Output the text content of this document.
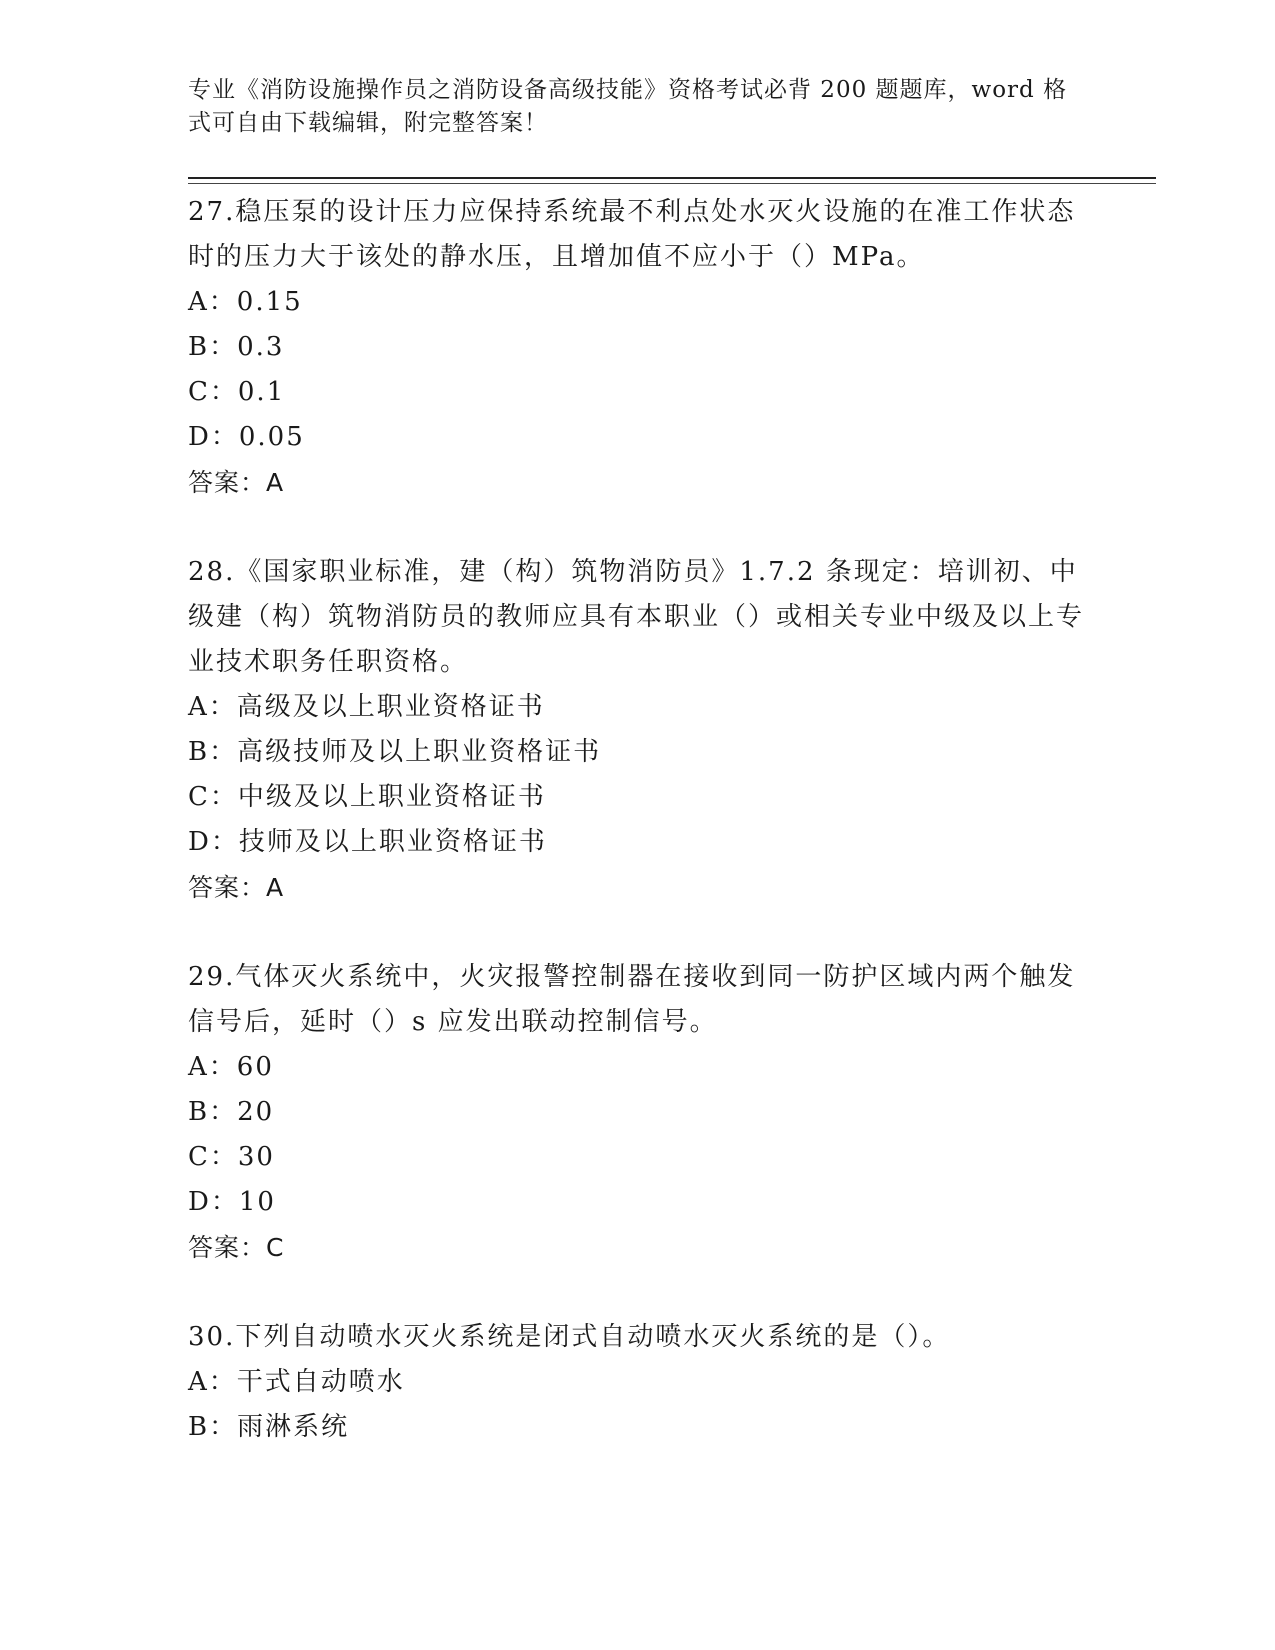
专业《消防设施操作员之消防设备高级技能》资格考试必背 200 题题库，word 格式可自由下载编辑，附完整答案！
27.稳压泵的设计压力应保持系统最不利点处水灭火设施的在准工作状态时的压力大于该处的静水压，且增加值不应小于（）MPa。
A：0.15
B：0.3
C：0.1
D：0.05
答案：A
28.《国家职业标准，建（构）筑物消防员》1.7.2 条现定：培训初、中级建（构）筑物消防员的教师应具有本职业（）或相关专业中级及以上专业技术职务任职资格。
A：高级及以上职业资格证书
B：高级技师及以上职业资格证书
C：中级及以上职业资格证书
D：技师及以上职业资格证书
答案：A
29.气体灭火系统中，火灾报警控制器在接收到同一防护区域内两个触发信号后，延时（）s 应发出联动控制信号。
A：60
B：20
C：30
D：10
答案：C
30.下列自动喷水灭火系统是闭式自动喷水灭火系统的是（）。
A：干式自动喷水
B：雨淋系统
